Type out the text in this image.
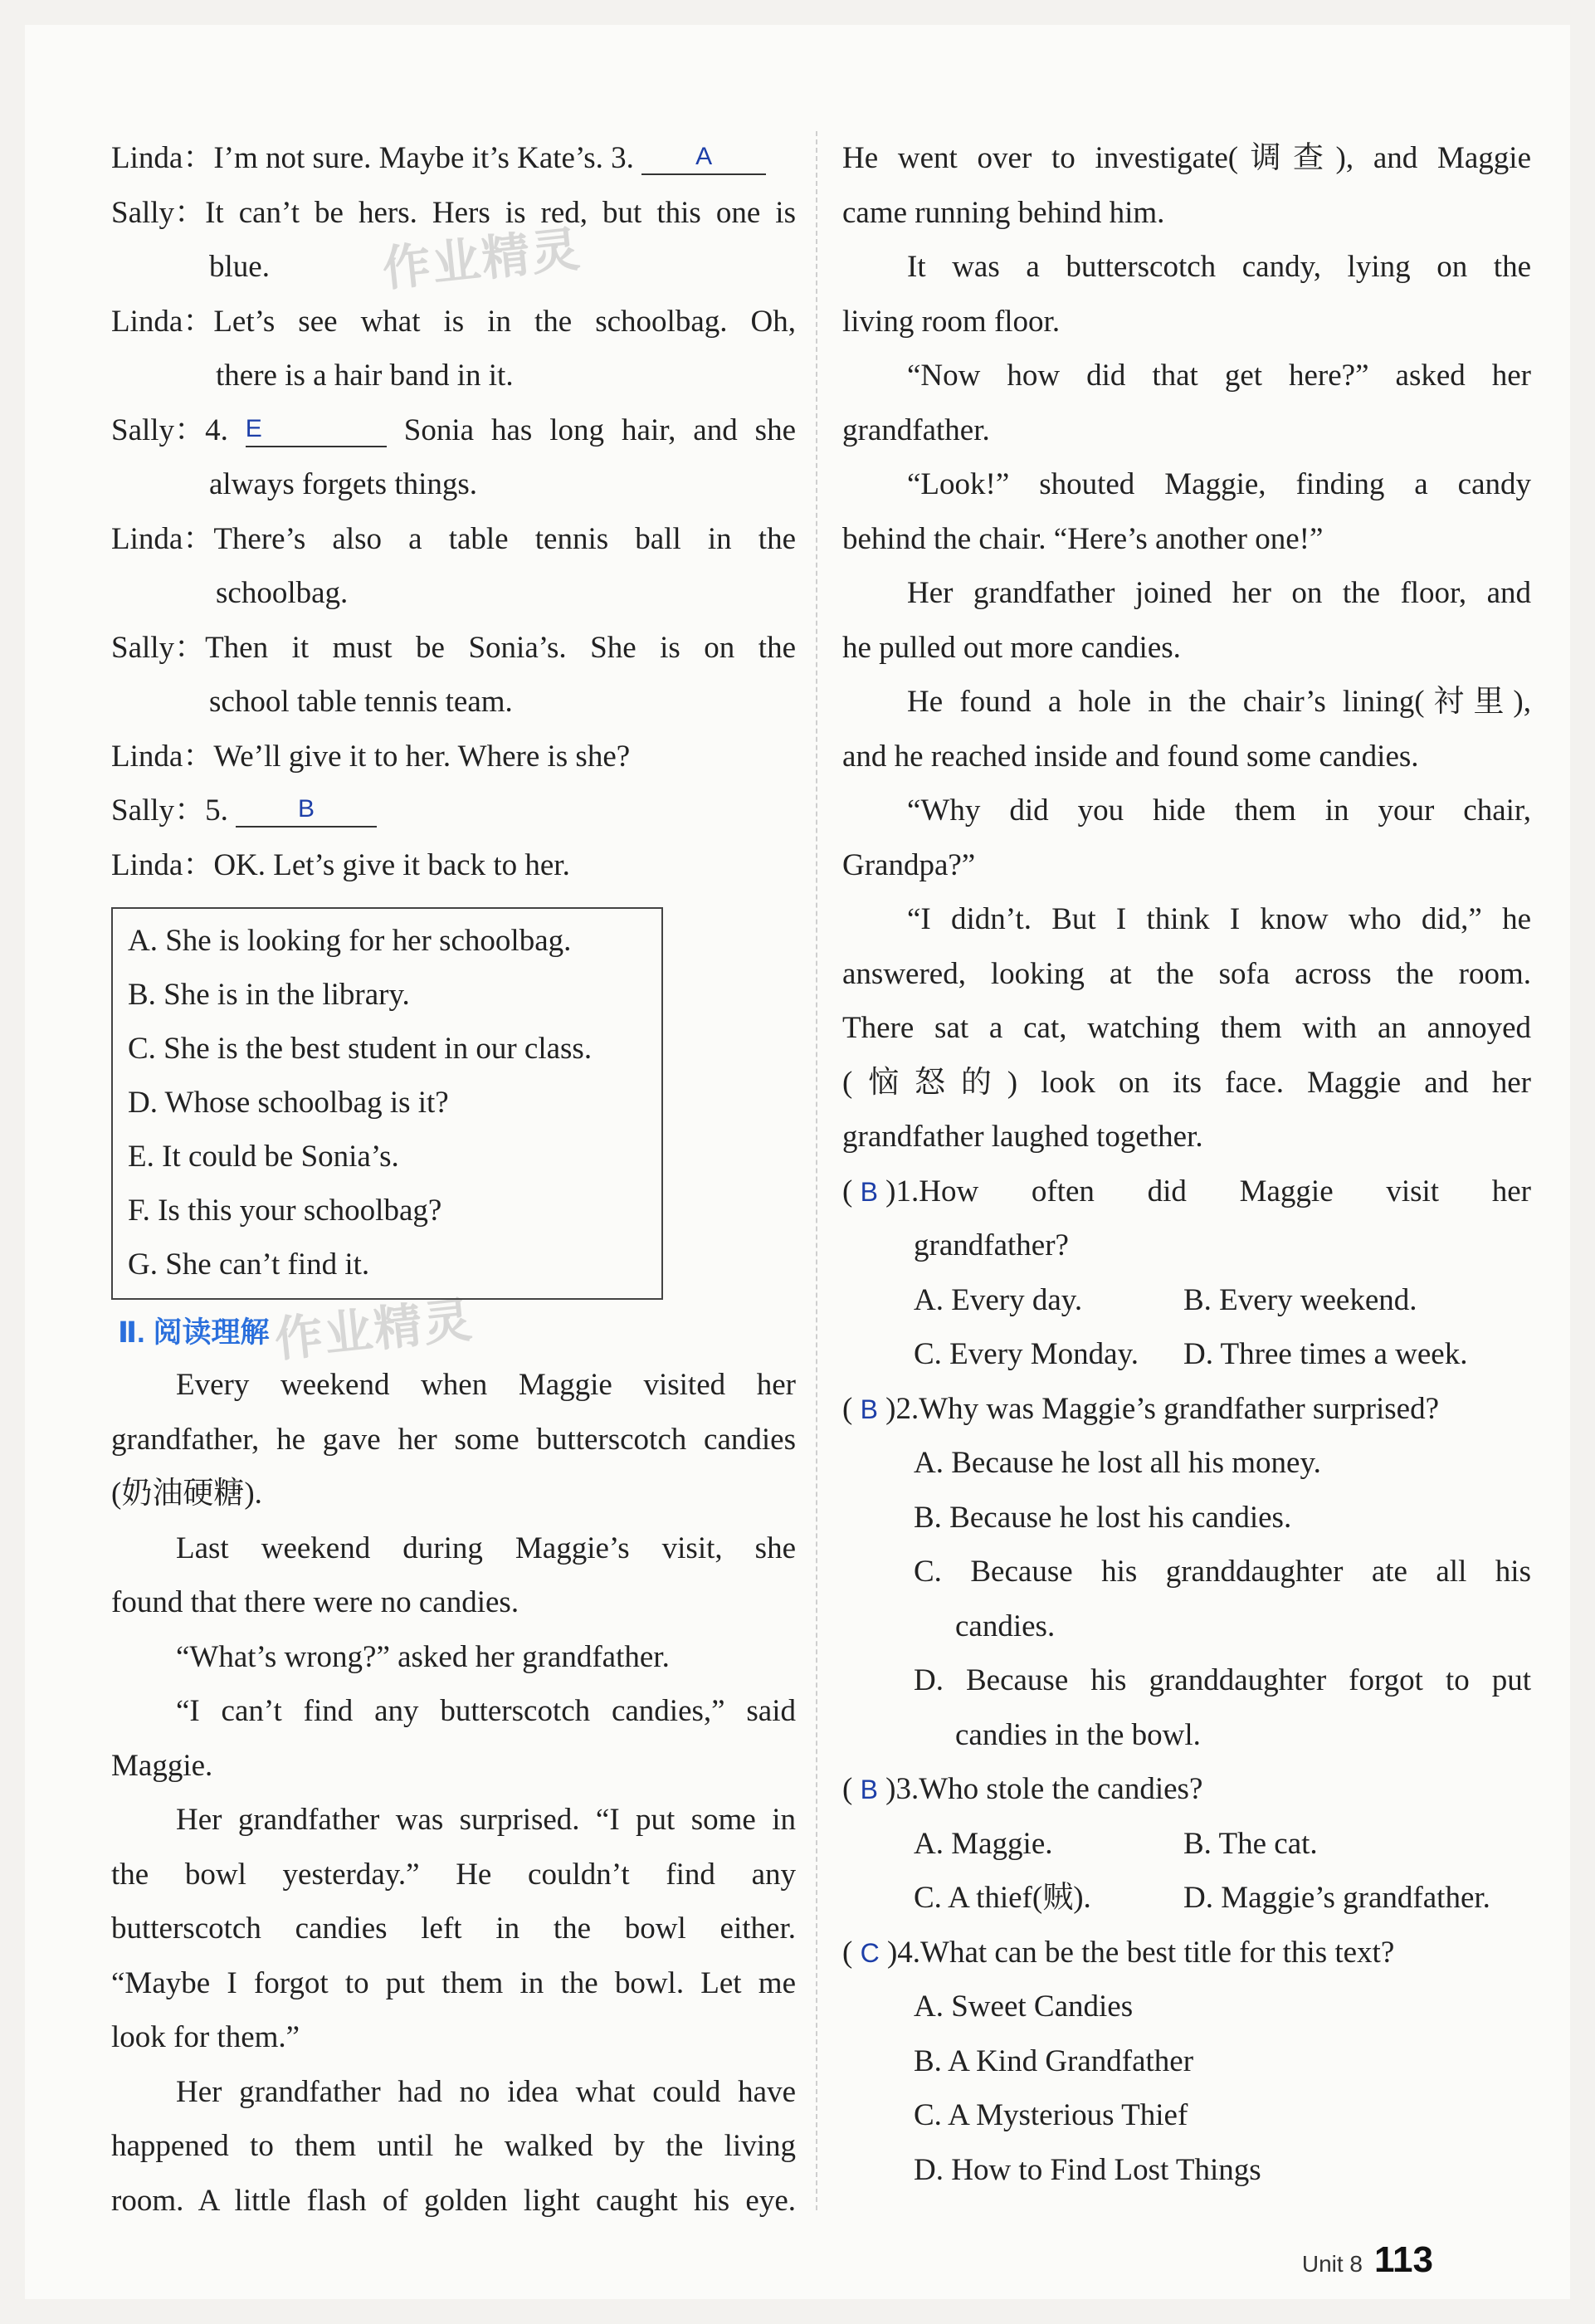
作业精灵
作业精灵
Linda ： I’m not sure. Maybe it’s Kate’s. 3. A
Sally ： It can’t be hers. Hers is red, but this one is
blue.
Linda ： Let’s see what is in the schoolbag. Oh,
there is a hair band in it.
Sally ： 4. E	Sonia has long hair, and she
always forgets things.
Linda ： There’s also a table tennis ball in the
schoolbag.
Sally ： Then it must be Sonia’s. She is on the
school table tennis team.
Linda ： We’ll give it to her. Where is she?
Sally ： 5. B
Linda ： OK. Let’s give it back to her.
A. She is looking for her schoolbag.
B. She is in the library.
C. She is the best student in our class.
D. Whose schoolbag is it?
E. It could be Sonia’s.
F. Is this your schoolbag?
G. She can’t find it.
Ⅱ. 阅读理解
Every weekend when Maggie visited her
grandfather, he gave her some butterscotch candies
(奶油硬糖).
Last weekend during Maggie’s visit, she
found that there were no candies.
“What’s wrong?” asked her grandfather.
“I can’t find any butterscotch candies,” said
Maggie.
Her grandfather was surprised. “I put some in
the bowl yesterday.” He couldn’t find any
butterscotch candies left in the bowl either.
“Maybe I forgot to put them in the bowl. Let me
look for them.”
Her grandfather had no idea what could have
happened to them until he walked by the living
room. A little flash of golden light caught his eye.
He went over to investigate(调查), and Maggie
came running behind him.
It was a butterscotch candy, lying on the
living room floor.
“Now how did that get here?” asked her
grandfather.
“Look!” shouted Maggie, finding a candy
behind the chair. “Here’s another one!”
Her grandfather joined her on the floor, and
he pulled out more candies.
He found a hole in the chair’s lining(衬里),
and he reached inside and found some candies.
“Why did you hide them in your chair,
Grandpa?”
“I didn’t. But I think I know who did,” he
answered, looking at the sofa across the room.
There sat a cat, watching them with an annoyed
(恼怒的) look on its face. Maggie and her
grandfather laughed together.
( B ) 1. How often did Maggie visit her
grandfather?
A. Every day.	B. Every weekend.
C. Every Monday.	D. Three times a week.
( B ) 2. Why was Maggie’s grandfather surprised?
A. Because he lost all his money.
B. Because he lost his candies.
C. Because his granddaughter ate all his
candies.
D. Because his granddaughter forgot to put
candies in the bowl.
( B ) 3. Who stole the candies?
A. Maggie.	B. The cat.
C. A thief(贼).	D. Maggie’s grandfather.
( C ) 4. What can be the best title for this text?
A. Sweet Candies
B. A Kind Grandfather
C. A Mysterious Thief
D. How to Find Lost Things
Unit 8 113
